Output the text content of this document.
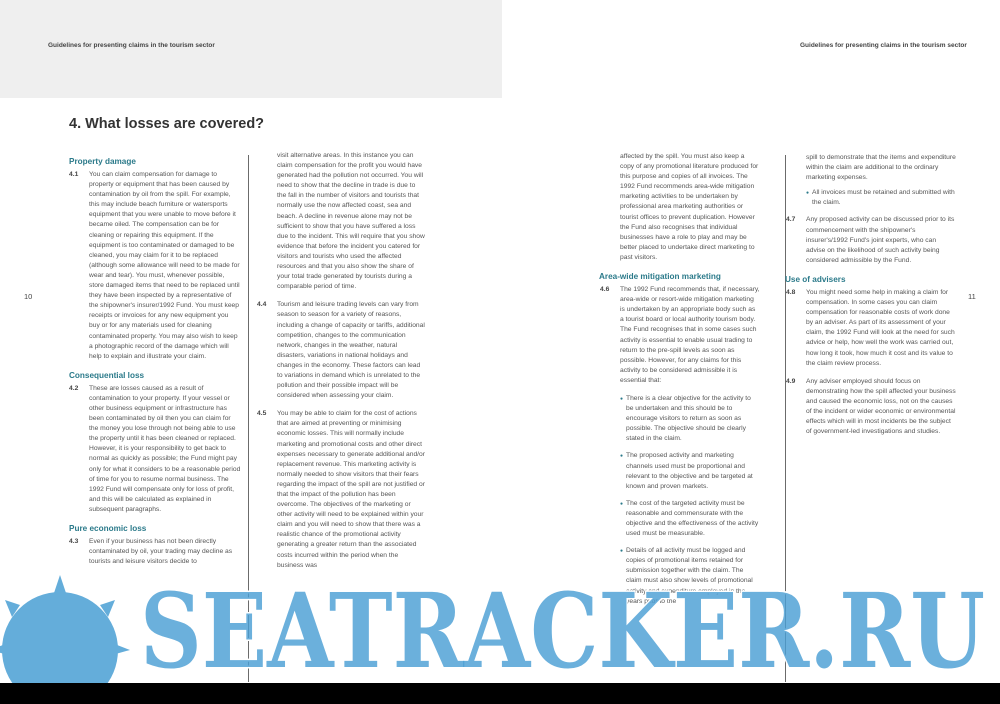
Guidelines for presenting claims in the tourism sector	Guidelines for presenting claims in the tourism sector
10	11
4. What losses are covered?
Property damage
4.1 You can claim compensation for damage to property or equipment that has been caused by contamination by oil from the spill. For example, this may include beach furniture or watersports equipment that you were unable to move before it became oiled. The compensation can be for cleaning or repairing this equipment. If the equipment is too contaminated or damaged to be cleaned, you may claim for it to be replaced (although some allowance will need to be made for wear and tear). You must, whenever possible, store damaged items that need to be replaced until they have been inspected by a representative of the shipowner's insurer/1992 Fund. You must keep receipts or invoices for any new equipment you buy or for any materials used for cleaning contaminated property. You may also wish to keep a photographic record of the damage which will help to explain and illustrate your claim.
Consequential loss
4.2 These are losses caused as a result of contamination to your property. If your vessel or other business equipment or infrastructure has been contaminated by oil then you can claim for the money you lose through not being able to use the property until it has been cleaned or replaced. However, it is your responsibility to get back to normal as quickly as possible; the Fund might pay only for what it considers to be a reasonable period of time for you to resume normal business. The 1992 Fund will compensate only for loss of profit, and this will be calculated as explained in subsequent paragraphs.
Pure economic loss
4.3 Even if your business has not been directly contaminated by oil, your trading may decline as tourists and leisure visitors decide to
visit alternative areas. In this instance you can claim compensation for the profit you would have generated had the pollution not occurred. You will need to show that the decline in trade is due to the fall in the number of visitors and tourists that normally use the now affected coast, sea and beach. A decline in revenue alone may not be sufficient to show that you have suffered a loss due to the incident. This will require that you show evidence that before the incident you catered for visitors and tourists who used the affected resources and that you also show the share of your total trade generated by tourists during a comparable period of time.
4.4 Tourism and leisure trading levels can vary from season to season for a variety of reasons, including a change of capacity or tariffs, additional competition, changes to the communication network, changes in the weather, natural disasters, variations in national holidays and changes in the economy. These factors can lead to variations in demand which is unrelated to the pollution and their possible impact will be considered when assessing your claim.
4.5 You may be able to claim for the cost of actions that are aimed at preventing or minimising economic losses. This will normally include marketing and promotional costs and other direct expenses necessary to generate additional and/or replacement revenue. This marketing activity is normally needed to show visitors that their fears regarding the impact of the spill are not justified or that the impact of the pollution has been overcome. The objectives of the marketing or other activity will need to be explained within your claim and you will need to show that there was a realistic chance of the promotional activity generating a greater return than the associated costs incurred within the period when the business was
affected by the spill. You must also keep a copy of any promotional literature produced for this purpose and copies of all invoices. The 1992 Fund recommends area-wide mitigation marketing activities to be undertaken by professional area marketing authorities or tourist offices to prevent duplication. However the Fund also recognises that individual businesses have a role to play and may be better placed to undertake direct marketing to past visitors.
Area-wide mitigation marketing
4.6 The 1992 Fund recommends that, if necessary, area-wide or resort-wide mitigation marketing is undertaken by an appropriate body such as a tourist board or local authority tourism body. The Fund recognises that in some cases such activity is essential to enable usual trading to return to the pre-spill levels as soon as possible. However, for any claims for this activity to be considered admissible it is essential that:
● There is a clear objective for the activity to be undertaken and this should be to encourage visitors to return as soon as possible. The objective should be clearly stated in the claim.
● The proposed activity and marketing channels used must be proportional and relevant to the objective and be targeted at known and proven markets.
● The cost of the targeted activity must be reasonable and commensurate with the objective and the effectiveness of the activity used must be measurable.
● Details of all activity must be logged and copies of promotional items retained for submission together with the claim. The claim must also show levels of promotional activity and expenditure employed in the years prior to the
spill to demonstrate that the items and expenditure within the claim are additional to the ordinary marketing expenses.
● All invoices must be retained and submitted with the claim.
4.7 Any proposed activity can be discussed prior to its commencement with the shipowner's insurer's/1992 Fund's joint experts, who can advise on the likelihood of such activity being considered admissible by the Fund.
Use of advisers
4.8 You might need some help in making a claim for compensation. In some cases you can claim compensation for reasonable costs of work done by an adviser. As part of its assessment of your claim, the 1992 Fund will look at the need for such advice or help, how well the work was carried out, how long it took, how much it cost and its value to the claim review process.
4.9 Any adviser employed should focus on demonstrating how the spill affected your business and caused the economic loss, not on the causes of the incident or wider economic or environmental effects which will in most incidents be the subject of government-led investigations and studies.
SEATRACKER.RU
